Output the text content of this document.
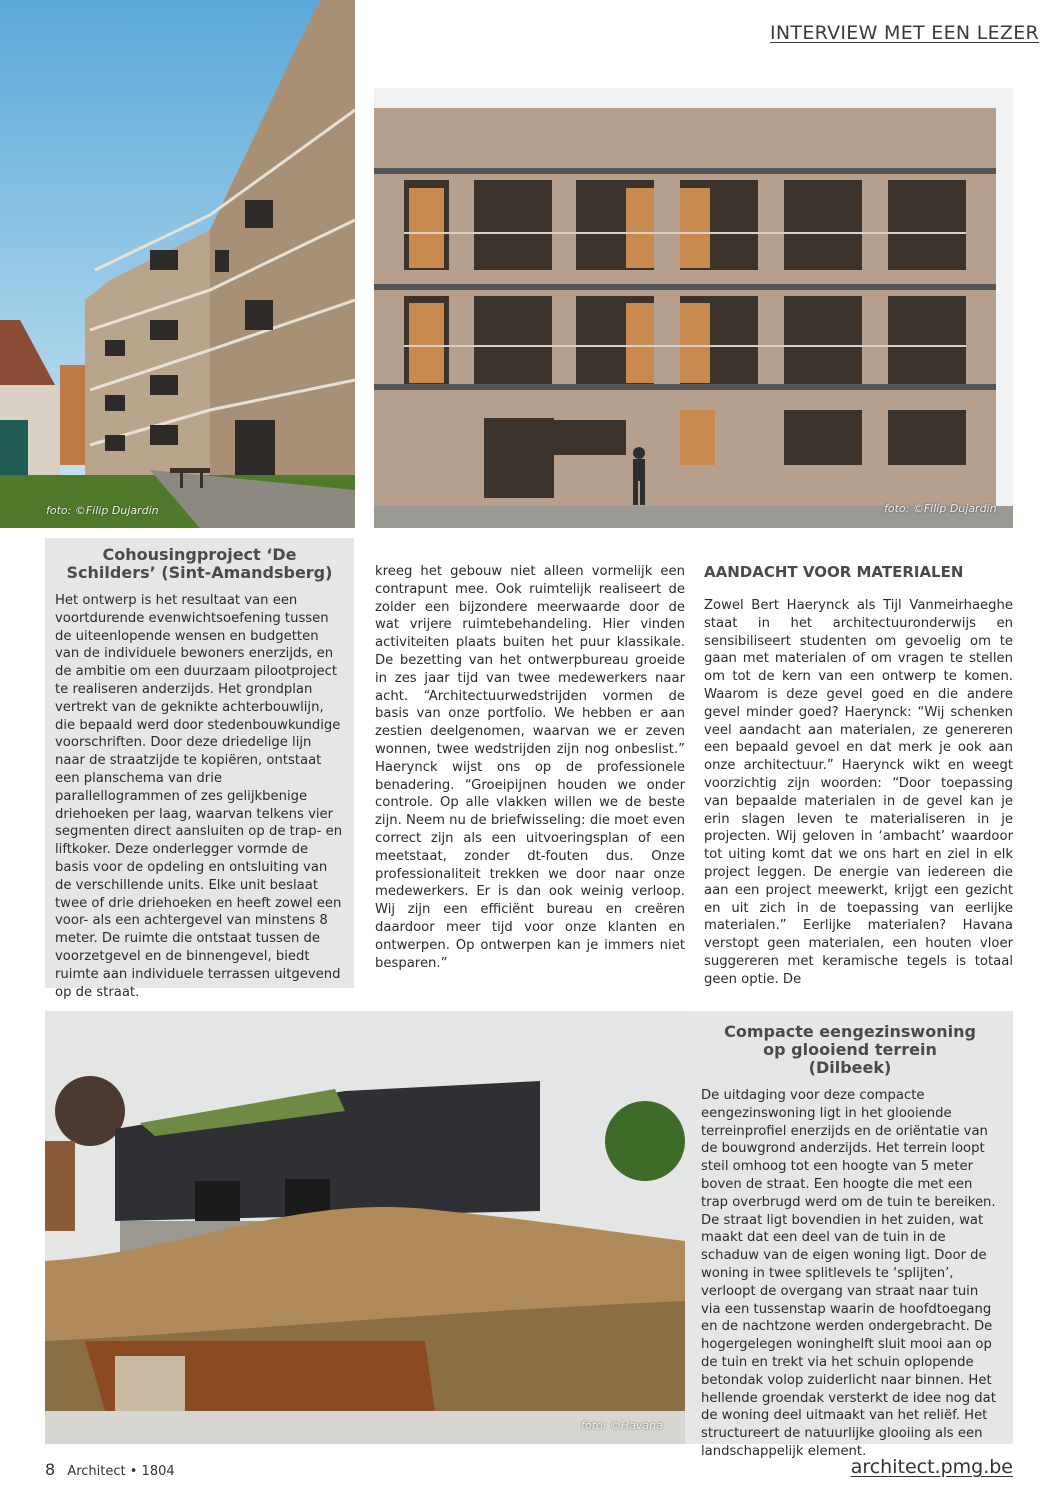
INTERVIEW MET EEN LEZER
foto: ©Filip Dujardin	foto: ©Filip Dujardin

Cohousingproject ‘De Schilders’ (Sint-Amandsberg)

Het ontwerp is het resultaat van een voortdurende evenwichtsoefening tussen de uiteenlopende wensen en budgetten van de individuele bewoners enerzijds, en de ambitie om een duurzaam pilootproject te realiseren anderzijds. Het grondplan vertrekt van de geknikte achterbouwlijn, die bepaald werd door stedenbouwkundige voorschriften. Door deze driedelige lijn naar de straatzijde te kopiëren, ontstaat een planschema van drie parallellogrammen of zes gelijkbenige driehoeken per laag, waarvan telkens vier segmenten direct aansluiten op de trap- en liftkoker. Deze onderlegger vormde de basis voor de opdeling en ontsluiting van de verschillende units. Elke unit beslaat twee of drie driehoeken en heeft zowel een voor- als een achtergevel van minstens 8 meter. De ruimte die ontstaat tussen de voorzetgevel en de binnengevel, biedt ruimte aan individuele terrassen uitgevend op de straat.

kreeg het gebouw niet alleen vormelijk een contrapunt mee. Ook ruimtelijk realiseert de zolder een bijzondere meerwaarde door de wat vrijere ruimtebehandeling. Hier vinden activiteiten plaats buiten het puur klassikale. De bezetting van het ontwerpbureau groeide in zes jaar tijd van twee medewerkers naar acht. “Architectuurwedstrijden vormen de basis van onze portfolio. We hebben er aan zestien deelgenomen, waarvan we er zeven wonnen, twee wedstrijden zijn nog onbeslist.” Haerynck wijst ons op de professionele benadering. “Groeipijnen houden we onder controle. Op alle vlakken willen we de beste zijn. Neem nu de briefwisseling: die moet even correct zijn als een uitvoeringsplan of een meetstaat, zonder dt-fouten dus. Onze professionaliteit trekken we door naar onze medewerkers. Er is dan ook weinig verloop. Wij zijn een efficiënt bureau en creëren daardoor meer tijd voor onze klanten en ontwerpen. Op ontwerpen kan je immers niet besparen.”

AANDACHT VOOR MATERIALEN

Zowel Bert Haerynck als Tijl Vanmeirhaeghe staat in het architectuuronderwijs en sensibiliseert studenten om gevoelig om te gaan met materialen of om vragen te stellen om tot de kern van een ontwerp te komen. Waarom is deze gevel goed en die andere gevel minder goed? Haerynck: “Wij schenken veel aandacht aan materialen, ze genereren een bepaald gevoel en dat merk je ook aan onze architectuur.” Haerynck wikt en weegt voorzichtig zijn woorden: “Door toepassing van bepaalde materialen in de gevel kan je erin slagen leven te materialiseren in je projecten. Wij geloven in ‘ambacht’ waardoor tot uiting komt dat we ons hart en ziel in elk project leggen. De energie van iedereen die aan een project meewerkt, krijgt een gezicht en uit zich in de toepassing van eerlijke materialen.” Eerlijke materialen? Havana verstopt geen materialen, een houten vloer suggereren met keramische tegels is totaal geen optie. De

foto: ©Havana

Compacte eengezinswoning op glooiend terrein (Dilbeek)

De uitdaging voor deze compacte eengezinswoning ligt in het glooiende terreinprofiel enerzijds en de oriëntatie van de bouwgrond anderzijds. Het terrein loopt steil omhoog tot een hoogte van 5 meter boven de straat. Een hoogte die met een trap overbrugd werd om de tuin te bereiken. De straat ligt bovendien in het zuiden, wat maakt dat een deel van de tuin in de schaduw van de eigen woning ligt. Door de woning in twee splitlevels te ‘splijten’, verloopt de overgang van straat naar tuin via een tussenstap waarin de hoofdtoegang en de nachtzone werden ondergebracht. De hogergelegen woninghelft sluit mooi aan op de tuin en trekt via het schuin oplopende betondak volop zuiderlicht naar binnen. Het hellende groendak versterkt de idee nog dat de woning deel uitmaakt van het reliëf. Het structureert de natuurlijke glooiing als een landschappelijk element.

8 Architect • 1804	architect.pmg.be
